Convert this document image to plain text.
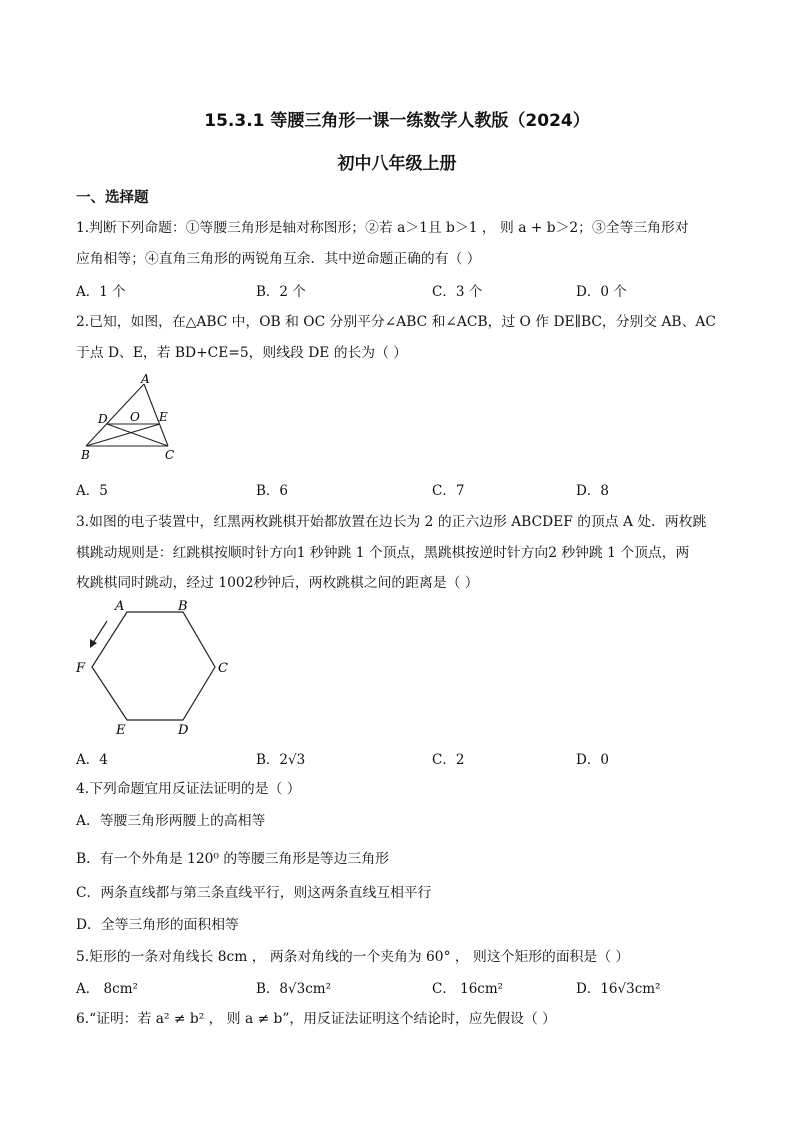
15.3.1 等腰三角形一课一练数学人教版（2024）
初中八年级上册
一、选择题
1.判断下列命题：①等腰三角形是轴对称图形；②若 a＞1且 b＞1 ， 则 a + b＞2；③全等三角形对
应角相等；④直角三角形的两锐角互余．其中逆命题正确的有（ ）
A．1 个	B．2 个	C．3 个	D．0 个
2.已知，如图，在△ABC 中，OB 和 OC 分别平分∠ABC 和∠ACB，过 O 作 DE∥BC，分别交 AB、AC
于点 D、E，若 BD+CE=5，则线段 DE 的长为（ ）
A
D O E
B	C
A．5	B．6	C．7	D．8
3.如图的电子装置中，红黑两枚跳棋开始都放置在边长为 2 的正六边形 ABCDEF 的顶点 A 处．两枚跳
棋跳动规则是：红跳棋按顺时针方向1 秒钟跳 1 个顶点，黑跳棋按逆时针方向2 秒钟跳 1 个顶点，两
枚跳棋同时跳动，经过 1002秒钟后，两枚跳棋之间的距离是（ ）
A	B
C
D
E
F
A．4	B．2√3	C．2	D．0
4.下列命题宜用反证法证明的是（ ）
A．等腰三角形两腰上的高相等
B．有一个外角是 120⁰ 的等腰三角形是等边三角形
C．两条直线都与第三条直线平行，则这两条直线互相平行
D．全等三角形的面积相等
5.矩形的一条对角线长 8cm ， 两条对角线的一个夹角为 60° ， 则这个矩形的面积是（ ）
A． 8cm²	B．8√3cm²	C． 16cm²	D．16√3cm²
6.“证明：若 a² ≠ b² ， 则 a ≠ b”，用反证法证明这个结论时，应先假设（ ）
